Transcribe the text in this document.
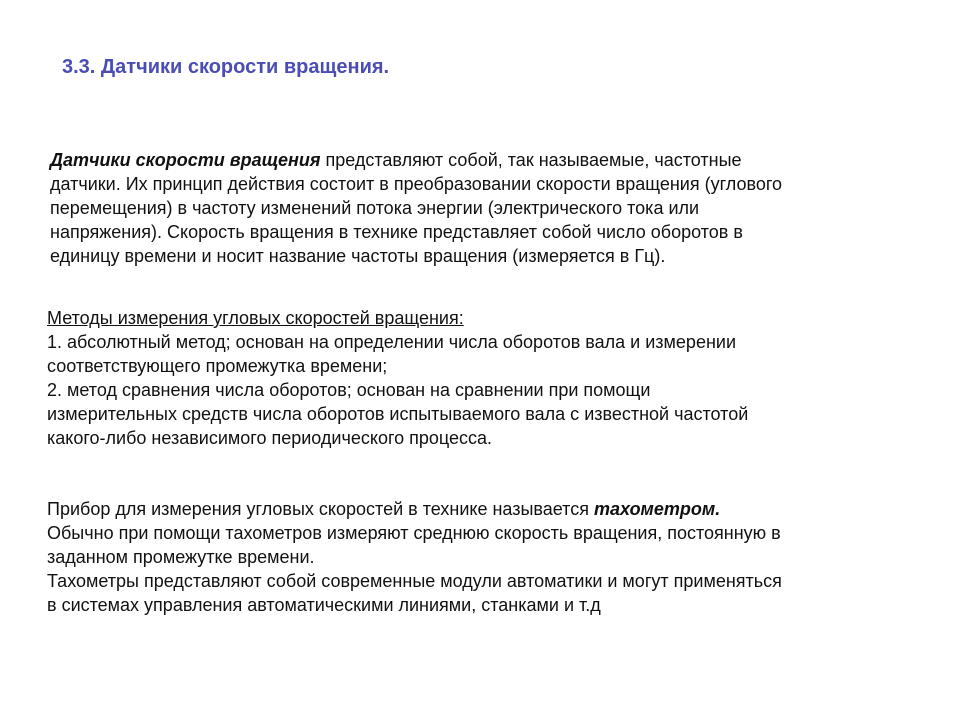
3.3. Датчики скорости вращения.
Датчики скорости вращения представляют собой, так называемые, частотные
датчики. Их принцип действия состоит в преобразовании скорости вращения (углового
перемещения) в частоту изменений потока энергии (электрического тока или
напряжения). Скорость вращения в технике представляет собой число оборотов в
единицу времени и носит название частоты вращения (измеряется в Гц).
Методы измерения угловых скоростей вращения:
1. абсолютный метод; основан на определении числа оборотов вала и измерении
соответствующего промежутка времени;
2. метод сравнения числа оборотов; основан на сравнении при помощи
измерительных средств числа оборотов испытываемого вала с известной частотой
какого-либо независимого периодического процесса.
Прибор для измерения угловых скоростей в технике называется тахометром.
Обычно при помощи тахометров измеряют среднюю скорость вращения, постоянную в
заданном промежутке времени.
Тахометры представляют собой современные модули автоматики и могут применяться
в системах управления автоматическими линиями, станками и т.д
